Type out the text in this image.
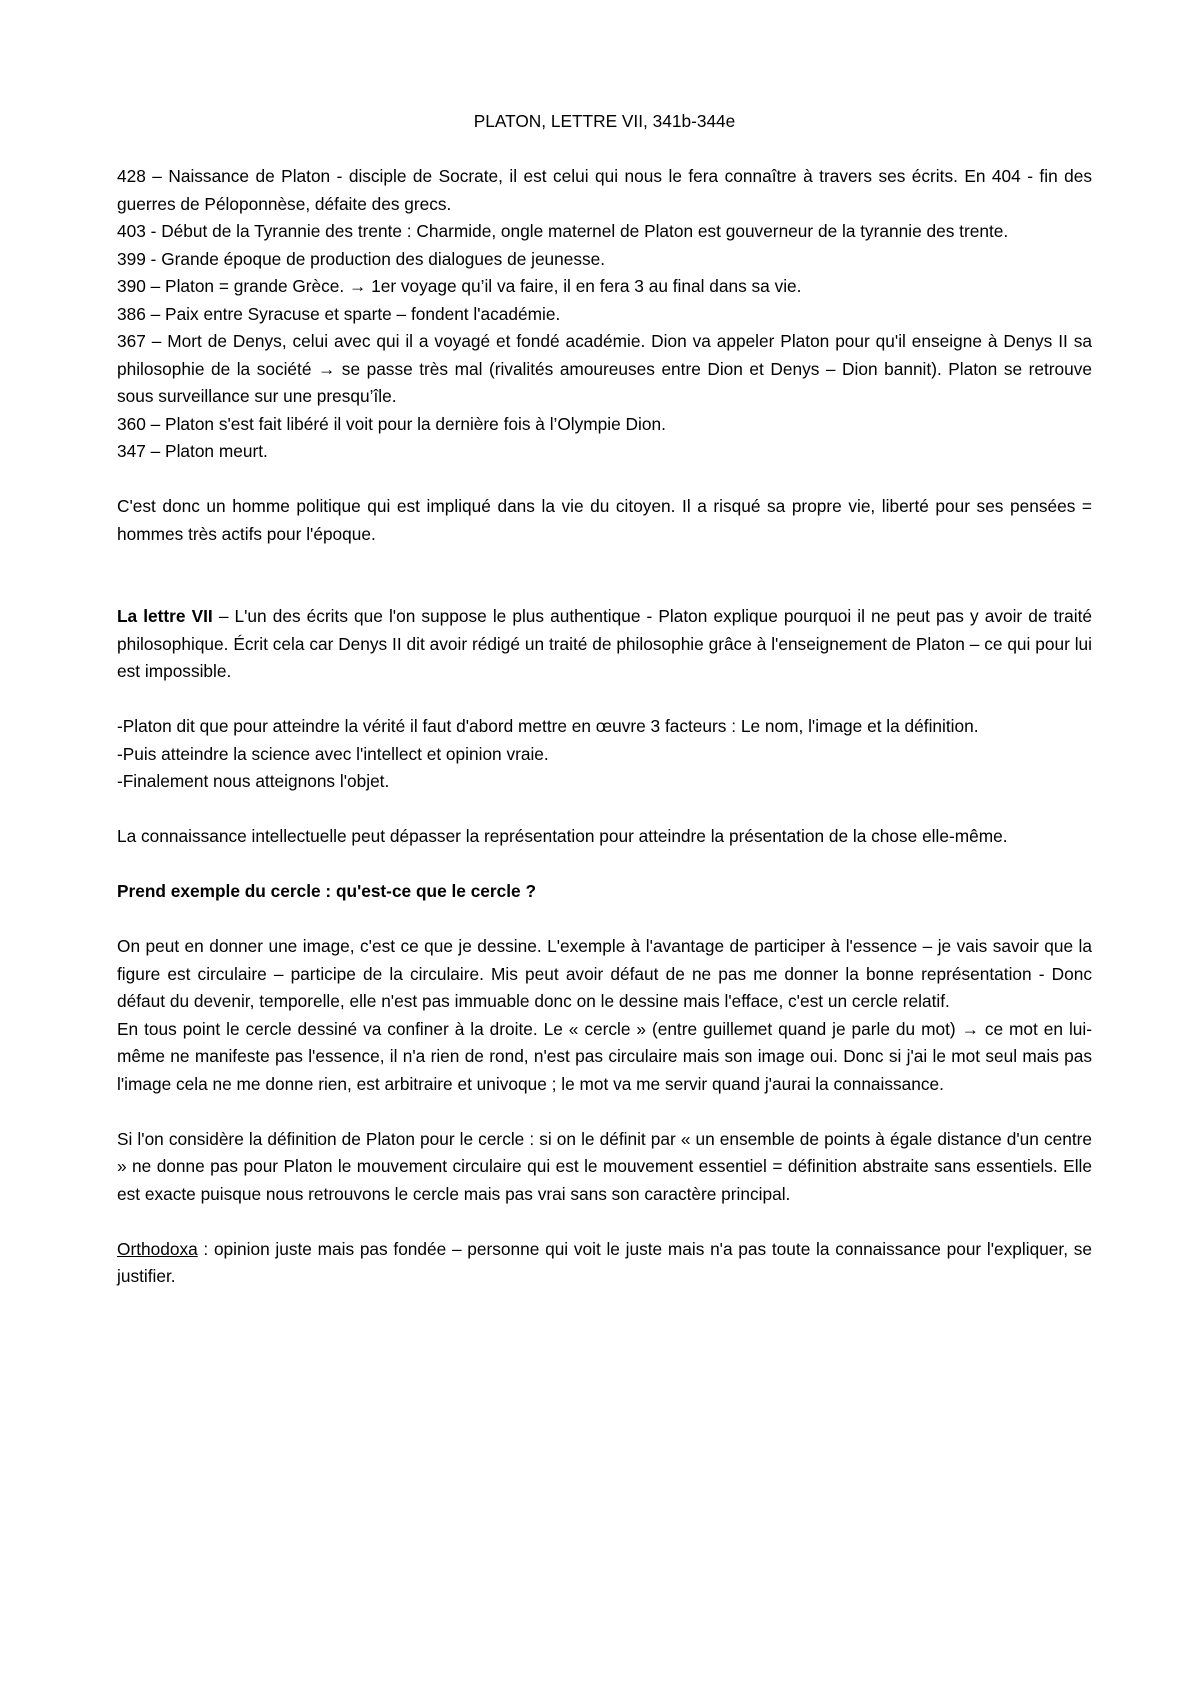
PLATON, LETTRE VII, 341b-344e
428 – Naissance de Platon - disciple de Socrate, il est celui qui nous le fera connaître à travers ses écrits. En 404 - fin des guerres de Péloponnèse, défaite des grecs.
403 - Début de la Tyrannie des trente : Charmide, ongle maternel de Platon est gouverneur de la tyrannie des trente.
399 - Grande époque de production des dialogues de jeunesse.
390 – Platon = grande Grèce. → 1er voyage qu’il va faire, il en fera 3 au final dans sa vie.
386 – Paix entre Syracuse et sparte – fondent l'académie.
367 – Mort de Denys, celui avec qui il a voyagé et fondé académie. Dion va appeler Platon pour qu'il enseigne à Denys II sa philosophie de la société → se passe très mal (rivalités amoureuses entre Dion et Denys – Dion bannit). Platon se retrouve sous surveillance sur une presqu’île.
360 – Platon s'est fait libéré il voit pour la dernière fois à l’Olympie Dion.
347 – Platon meurt.

C'est donc un homme politique qui est impliqué dans la vie du citoyen. Il a risqué sa propre vie, liberté pour ses pensées = hommes très actifs pour l'époque.

La lettre VII – L'un des écrits que l'on suppose le plus authentique - Platon explique pourquoi il ne peut pas y avoir de traité philosophique. Écrit cela car Denys II dit avoir rédigé un traité de philosophie grâce à l'enseignement de Platon – ce qui pour lui est impossible.

-Platon dit que pour atteindre la vérité il faut d'abord mettre en œuvre 3 facteurs : Le nom, l'image et la définition.

-Puis atteindre la science avec l'intellect et opinion vraie.

-Finalement nous atteignons l'objet.

La connaissance intellectuelle peut dépasser la représentation pour atteindre la présentation de la chose elle-même.

Prend exemple du cercle : qu'est-ce que le cercle ?

On peut en donner une image, c'est ce que je dessine. L'exemple à l'avantage de participer à l'essence – je vais savoir que la figure est circulaire – participe de la circulaire. Mis peut avoir défaut de ne pas me donner la bonne représentation - Donc défaut du devenir, temporelle, elle n'est pas immuable donc on le dessine mais l'efface, c'est un cercle relatif.

En tous point le cercle dessiné va confiner à la droite. Le « cercle » (entre guillemet quand je parle du mot) → ce mot en lui-même ne manifeste pas l'essence, il n'a rien de rond, n'est pas circulaire mais son image oui. Donc si j'ai le mot seul mais pas l'image cela ne me donne rien, est arbitraire et univoque ; le mot va me servir quand j'aurai la connaissance.

Si l'on considère la définition de Platon pour le cercle : si on le définit par « un ensemble de points à égale distance d'un centre » ne donne pas pour Platon le mouvement circulaire qui est le mouvement essentiel = définition abstraite sans essentiels. Elle est exacte puisque nous retrouvons le cercle mais pas vrai sans son caractère principal.

Orthodoxa : opinion juste mais pas fondée – personne qui voit le juste mais n'a pas toute la connaissance pour l'expliquer, se justifier.
